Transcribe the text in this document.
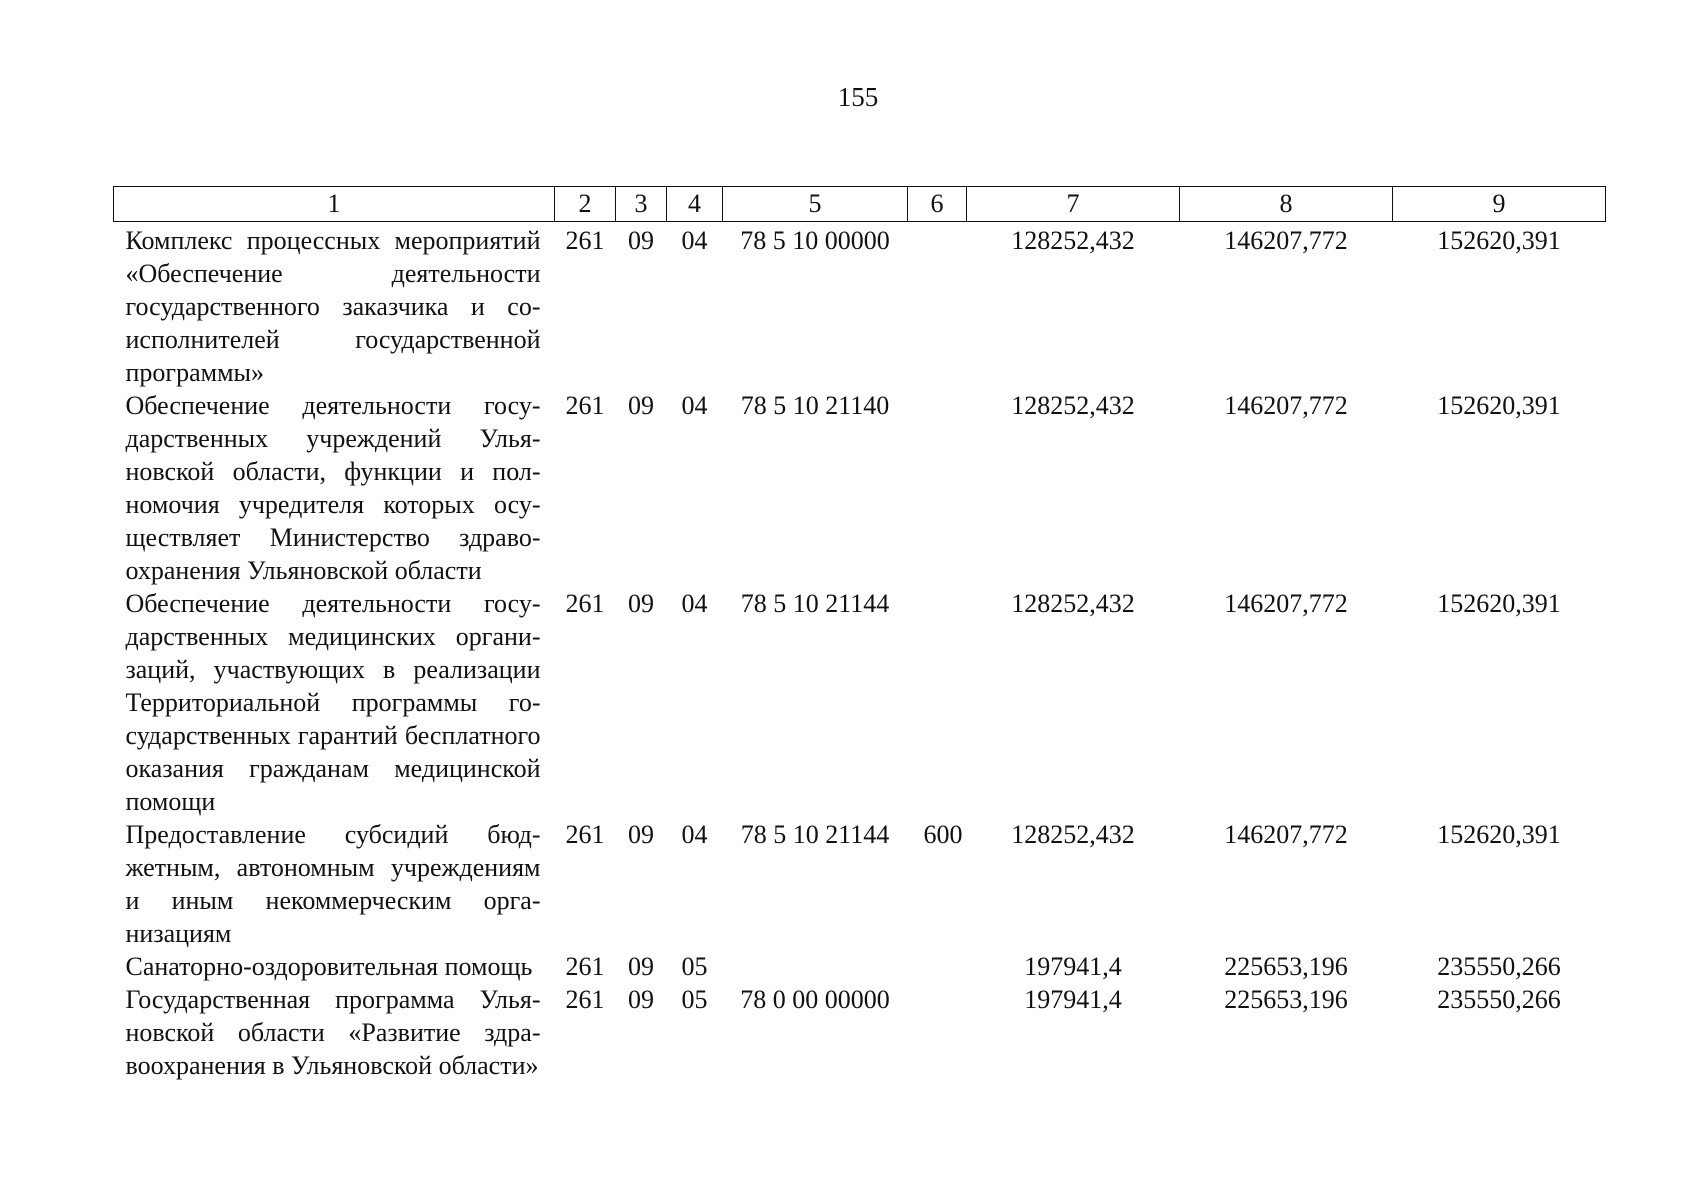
155
1	2	3	4	5	6	7	8	9
Комплекс процессных мероприятий «Обеспечение деятельности государственного заказчика и соисполнителей государственной программы»	261	09	04	78 5 10 00000		128252,432	146207,772	152620,391
Обеспечение деятельности государственных учреждений Ульяновской области, функции и полномочия учредителя которых осуществляет Министерство здравоохранения Ульяновской области	261	09	04	78 5 10 21140		128252,432	146207,772	152620,391
Обеспечение деятельности государственных медицинских организаций, участвующих в реализации Территориальной программы государственных гарантий бесплатного оказания гражданам медицинской помощи	261	09	04	78 5 10 21144		128252,432	146207,772	152620,391
Предоставление субсидий бюджетным, автономным учреждениям и иным некоммерческим организациям	261	09	04	78 5 10 21144	600	128252,432	146207,772	152620,391
Санаторно-оздоровительная помощь	261	09	05			197941,4	225653,196	235550,266
Государственная программа Ульяновской области «Развитие здравоохранения в Ульяновской области»	261	09	05	78 0 00 00000		197941,4	225653,196	235550,266
